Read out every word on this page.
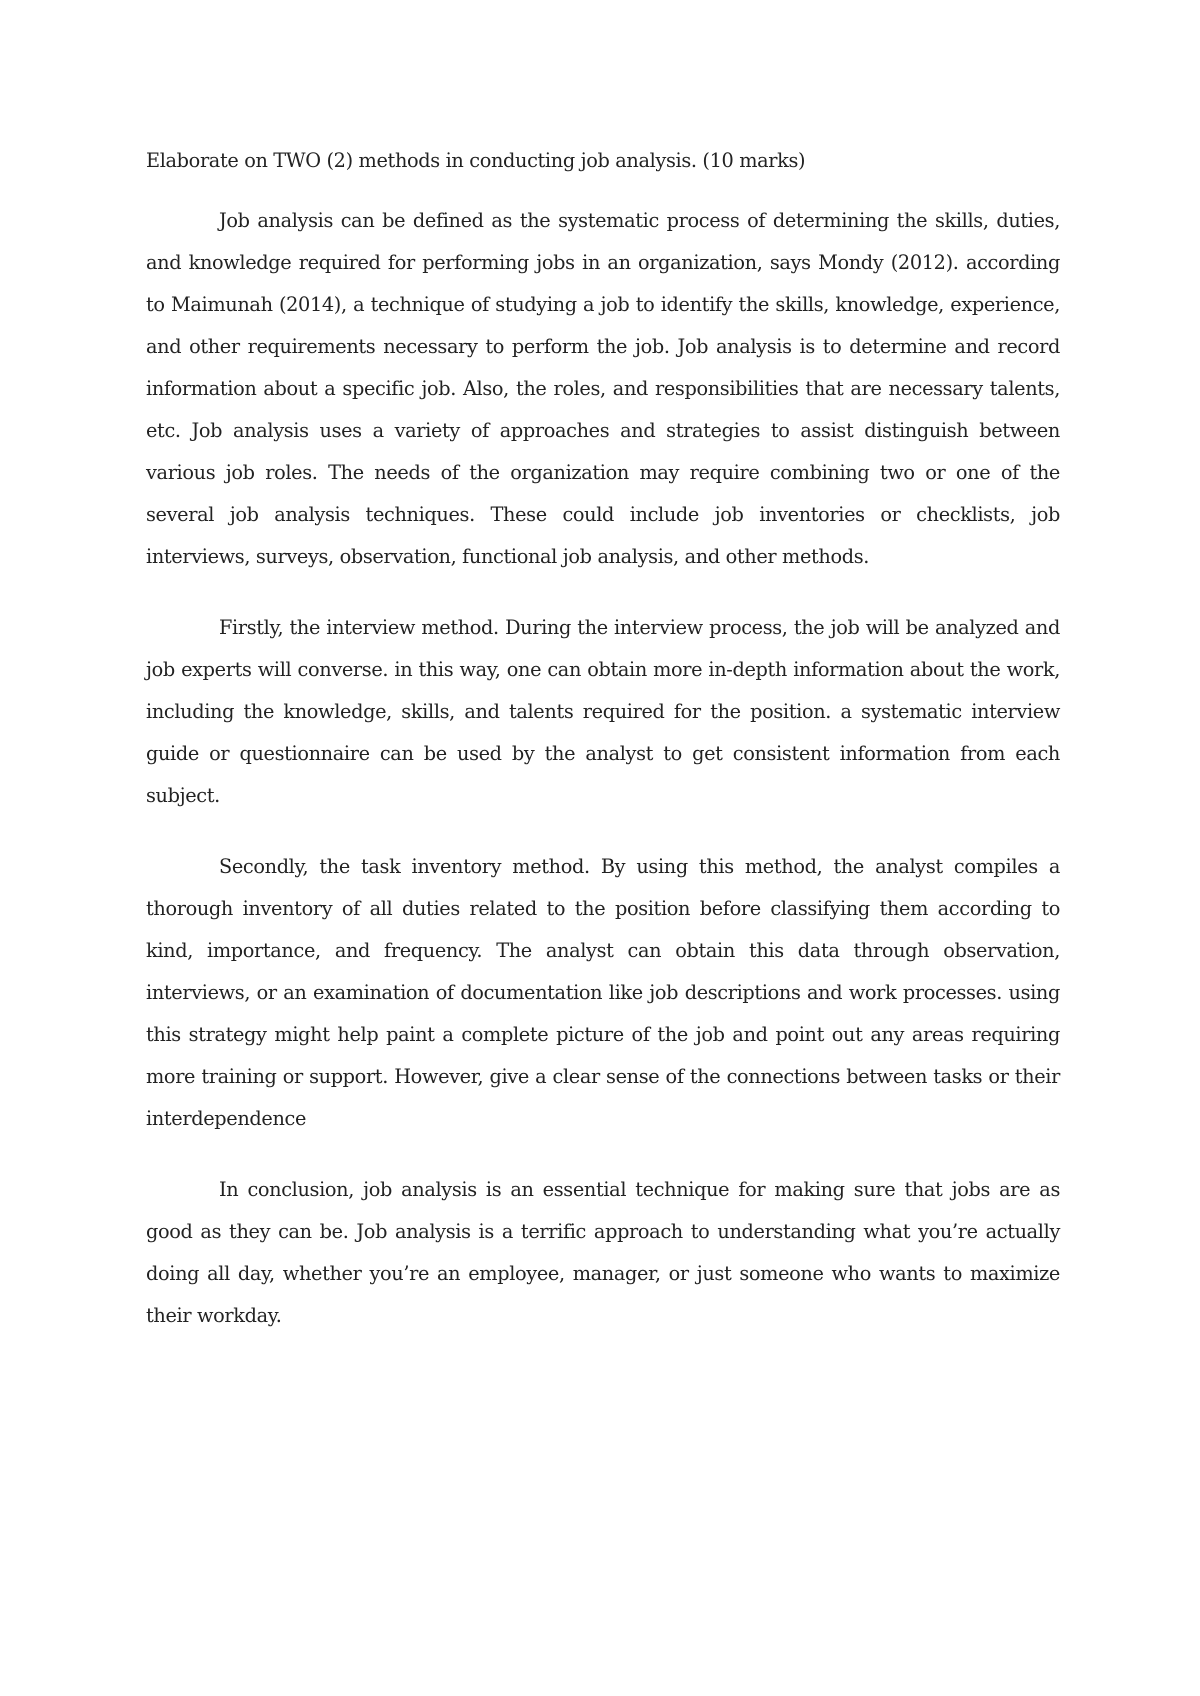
Elaborate on TWO (2) methods in conducting job analysis. (10 marks)

Job analysis can be defined as the systematic process of determining the skills, duties, and knowledge required for performing jobs in an organization, says Mondy (2012). according to Maimunah (2014), a technique of studying a job to identify the skills, knowledge, experience, and other requirements necessary to perform the job. Job analysis is to determine and record information about a specific job. Also, the roles, and responsibilities that are necessary talents, etc. Job analysis uses a variety of approaches and strategies to assist distinguish between various job roles. The needs of the organization may require combining two or one of the several job analysis techniques. These could include job inventories or checklists, job interviews, surveys, observation, functional job analysis, and other methods.

Firstly, the interview method. During the interview process, the job will be analyzed and job experts will converse. in this way, one can obtain more in-depth information about the work, including the knowledge, skills, and talents required for the position. a systematic interview guide or questionnaire can be used by the analyst to get consistent information from each subject.

Secondly, the task inventory method. By using this method, the analyst compiles a thorough inventory of all duties related to the position before classifying them according to kind, importance, and frequency. The analyst can obtain this data through observation, interviews, or an examination of documentation like job descriptions and work processes. using this strategy might help paint a complete picture of the job and point out any areas requiring more training or support. However, give a clear sense of the connections between tasks or their interdependence

In conclusion, job analysis is an essential technique for making sure that jobs are as good as they can be. Job analysis is a terrific approach to understanding what you’re actually doing all day, whether you’re an employee, manager, or just someone who wants to maximize their workday.
